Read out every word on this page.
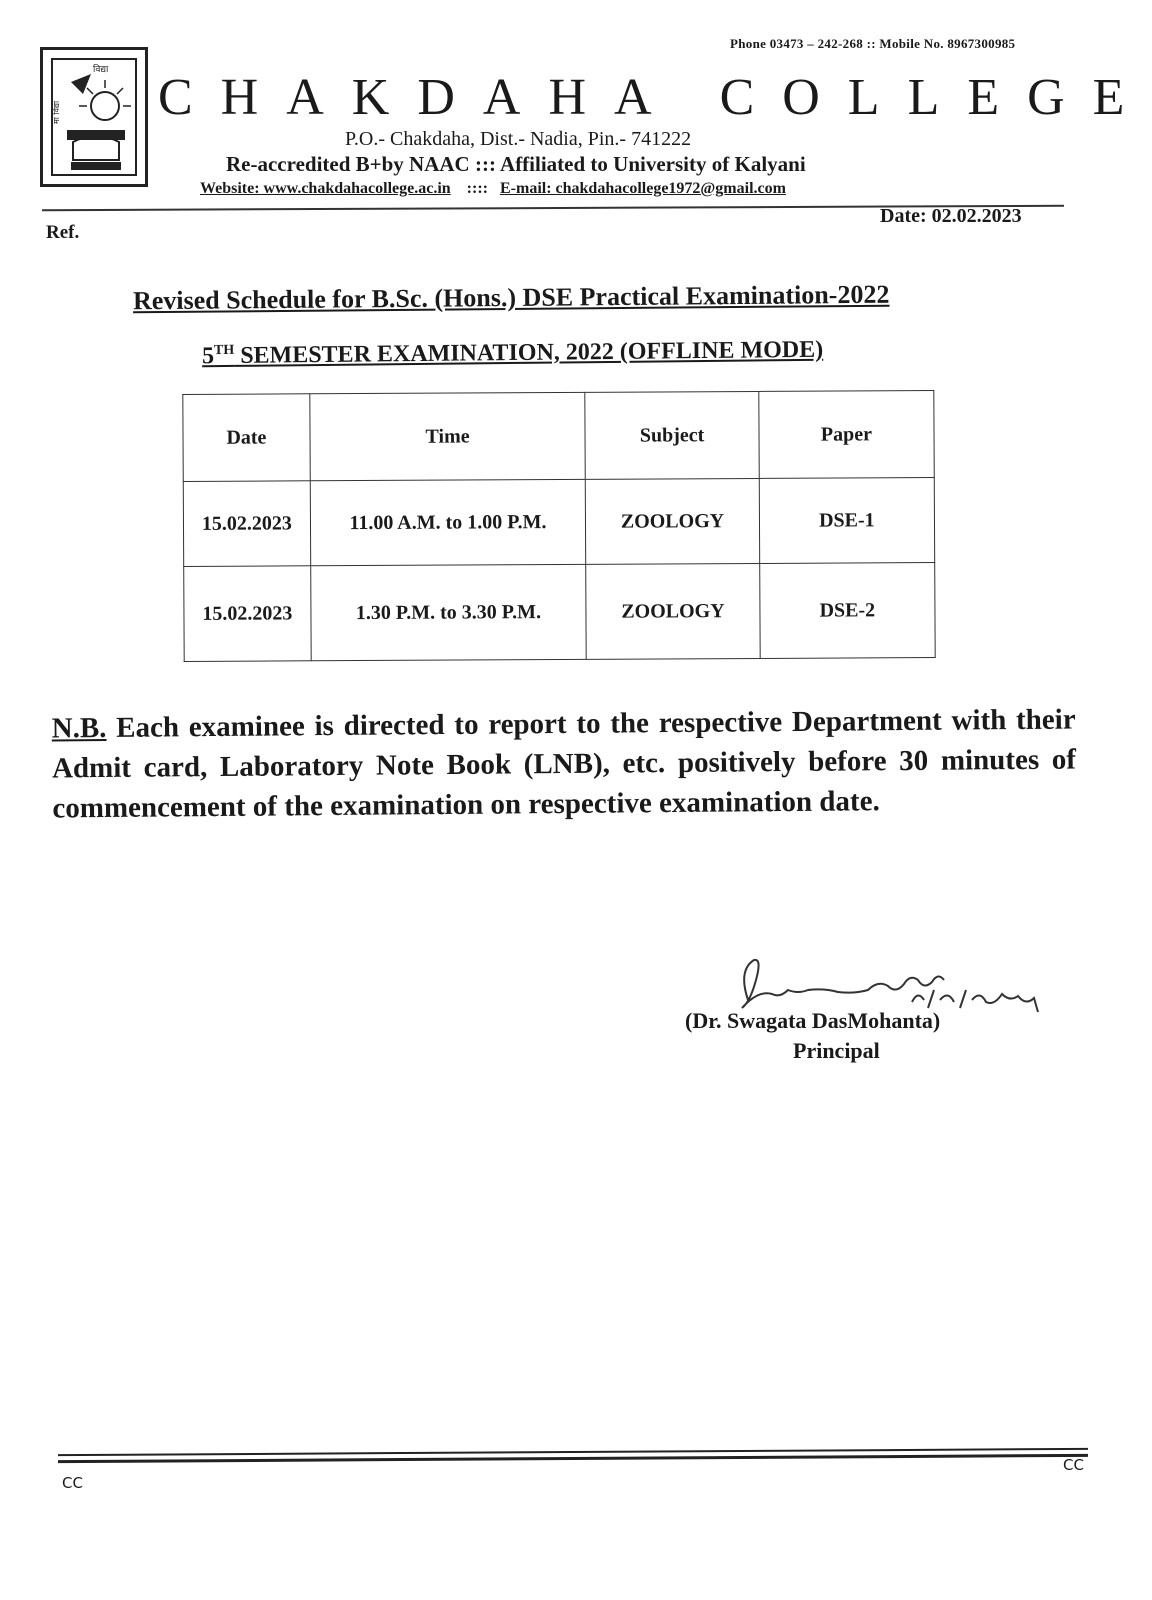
Phone 03473 – 242-268 :: Mobile No. 8967300985
विद्या
मा विद्या CHAKDAHA COLLEGE
P.O.- Chakdaha, Dist.- Nadia, Pin.- 741222
Re-accredited B+by NAAC ::: Affiliated to University of Kalyani
Website: www.chakdahacollege.ac.in :::: E-mail: chakdahacollege1972@gmail.com
Date: 02.02.2023
Ref.
Revised Schedule for B.Sc. (Hons.) DSE Practical Examination-2022
5TH SEMESTER EXAMINATION, 2022 (OFFLINE MODE)
Date	Time	Subject	Paper
15.02.2023	11.00 A.M. to 1.00 P.M.	ZOOLOGY	DSE-1
15.02.2023	1.30 P.M. to 3.30 P.M.	ZOOLOGY	DSE-2
N.B. Each examinee is directed to report to the respective Department with their Admit card, Laboratory Note Book (LNB), etc. positively before 30 minutes of commencement of the examination on respective examination date.
(Dr. Swagata DasMohanta)
Principal
CC
CC
